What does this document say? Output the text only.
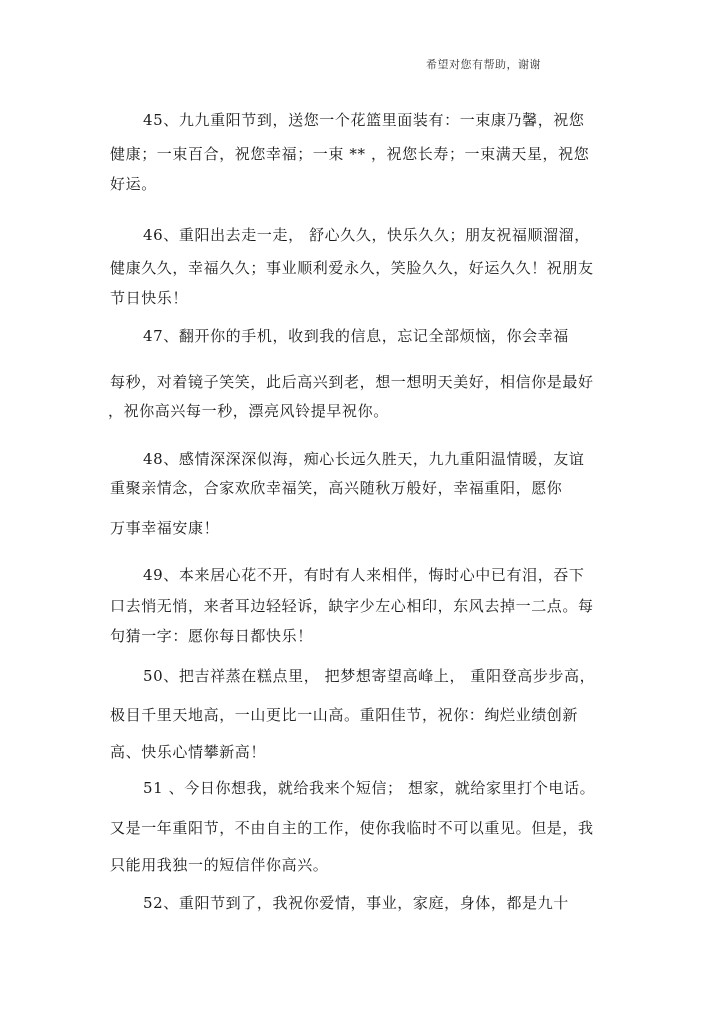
希望对您有帮助，谢谢
45、九九重阳节到，送您一个花篮里面装有：一束康乃馨，祝您
健康；一束百合，祝您幸福；一束 ** ，祝您长寿；一束满天星，祝您
好运。
46、重阳出去走一走， 舒心久久，快乐久久；朋友祝福顺溜溜，
健康久久，幸福久久；事业顺利爱永久，笑脸久久，好运久久！祝朋友
节日快乐！
47、翻开你的手机，收到我的信息，忘记全部烦恼，你会幸福
每秒，对着镜子笑笑，此后高兴到老，想一想明天美好，相信你是最好
，祝你高兴每一秒，漂亮风铃提早祝你。
48、感情深深深似海，痴心长远久胜天，九九重阳温情暖，友谊
重聚亲情念，合家欢欣幸福笑，高兴随秋万般好，幸福重阳，愿你
万事幸福安康！
49、本来居心花不开，有时有人来相伴，悔时心中已有泪，吞下
口去悄无悄，来者耳边轻轻诉，缺字少左心相印，东风去掉一二点。每
句猜一字：愿你每日都快乐！
50、把吉祥蒸在糕点里， 把梦想寄望高峰上， 重阳登高步步高，
极目千里天地高，一山更比一山高。重阳佳节，祝你：绚烂业绩创新
高、快乐心情攀新高！
51 、今日你想我，就给我来个短信； 想家，就给家里打个电话。
又是一年重阳节，不由自主的工作，使你我临时不可以重见。但是，我
只能用我独一的短信伴你高兴。
52、重阳节到了，我祝你爱情，事业，家庭，身体，都是九十
